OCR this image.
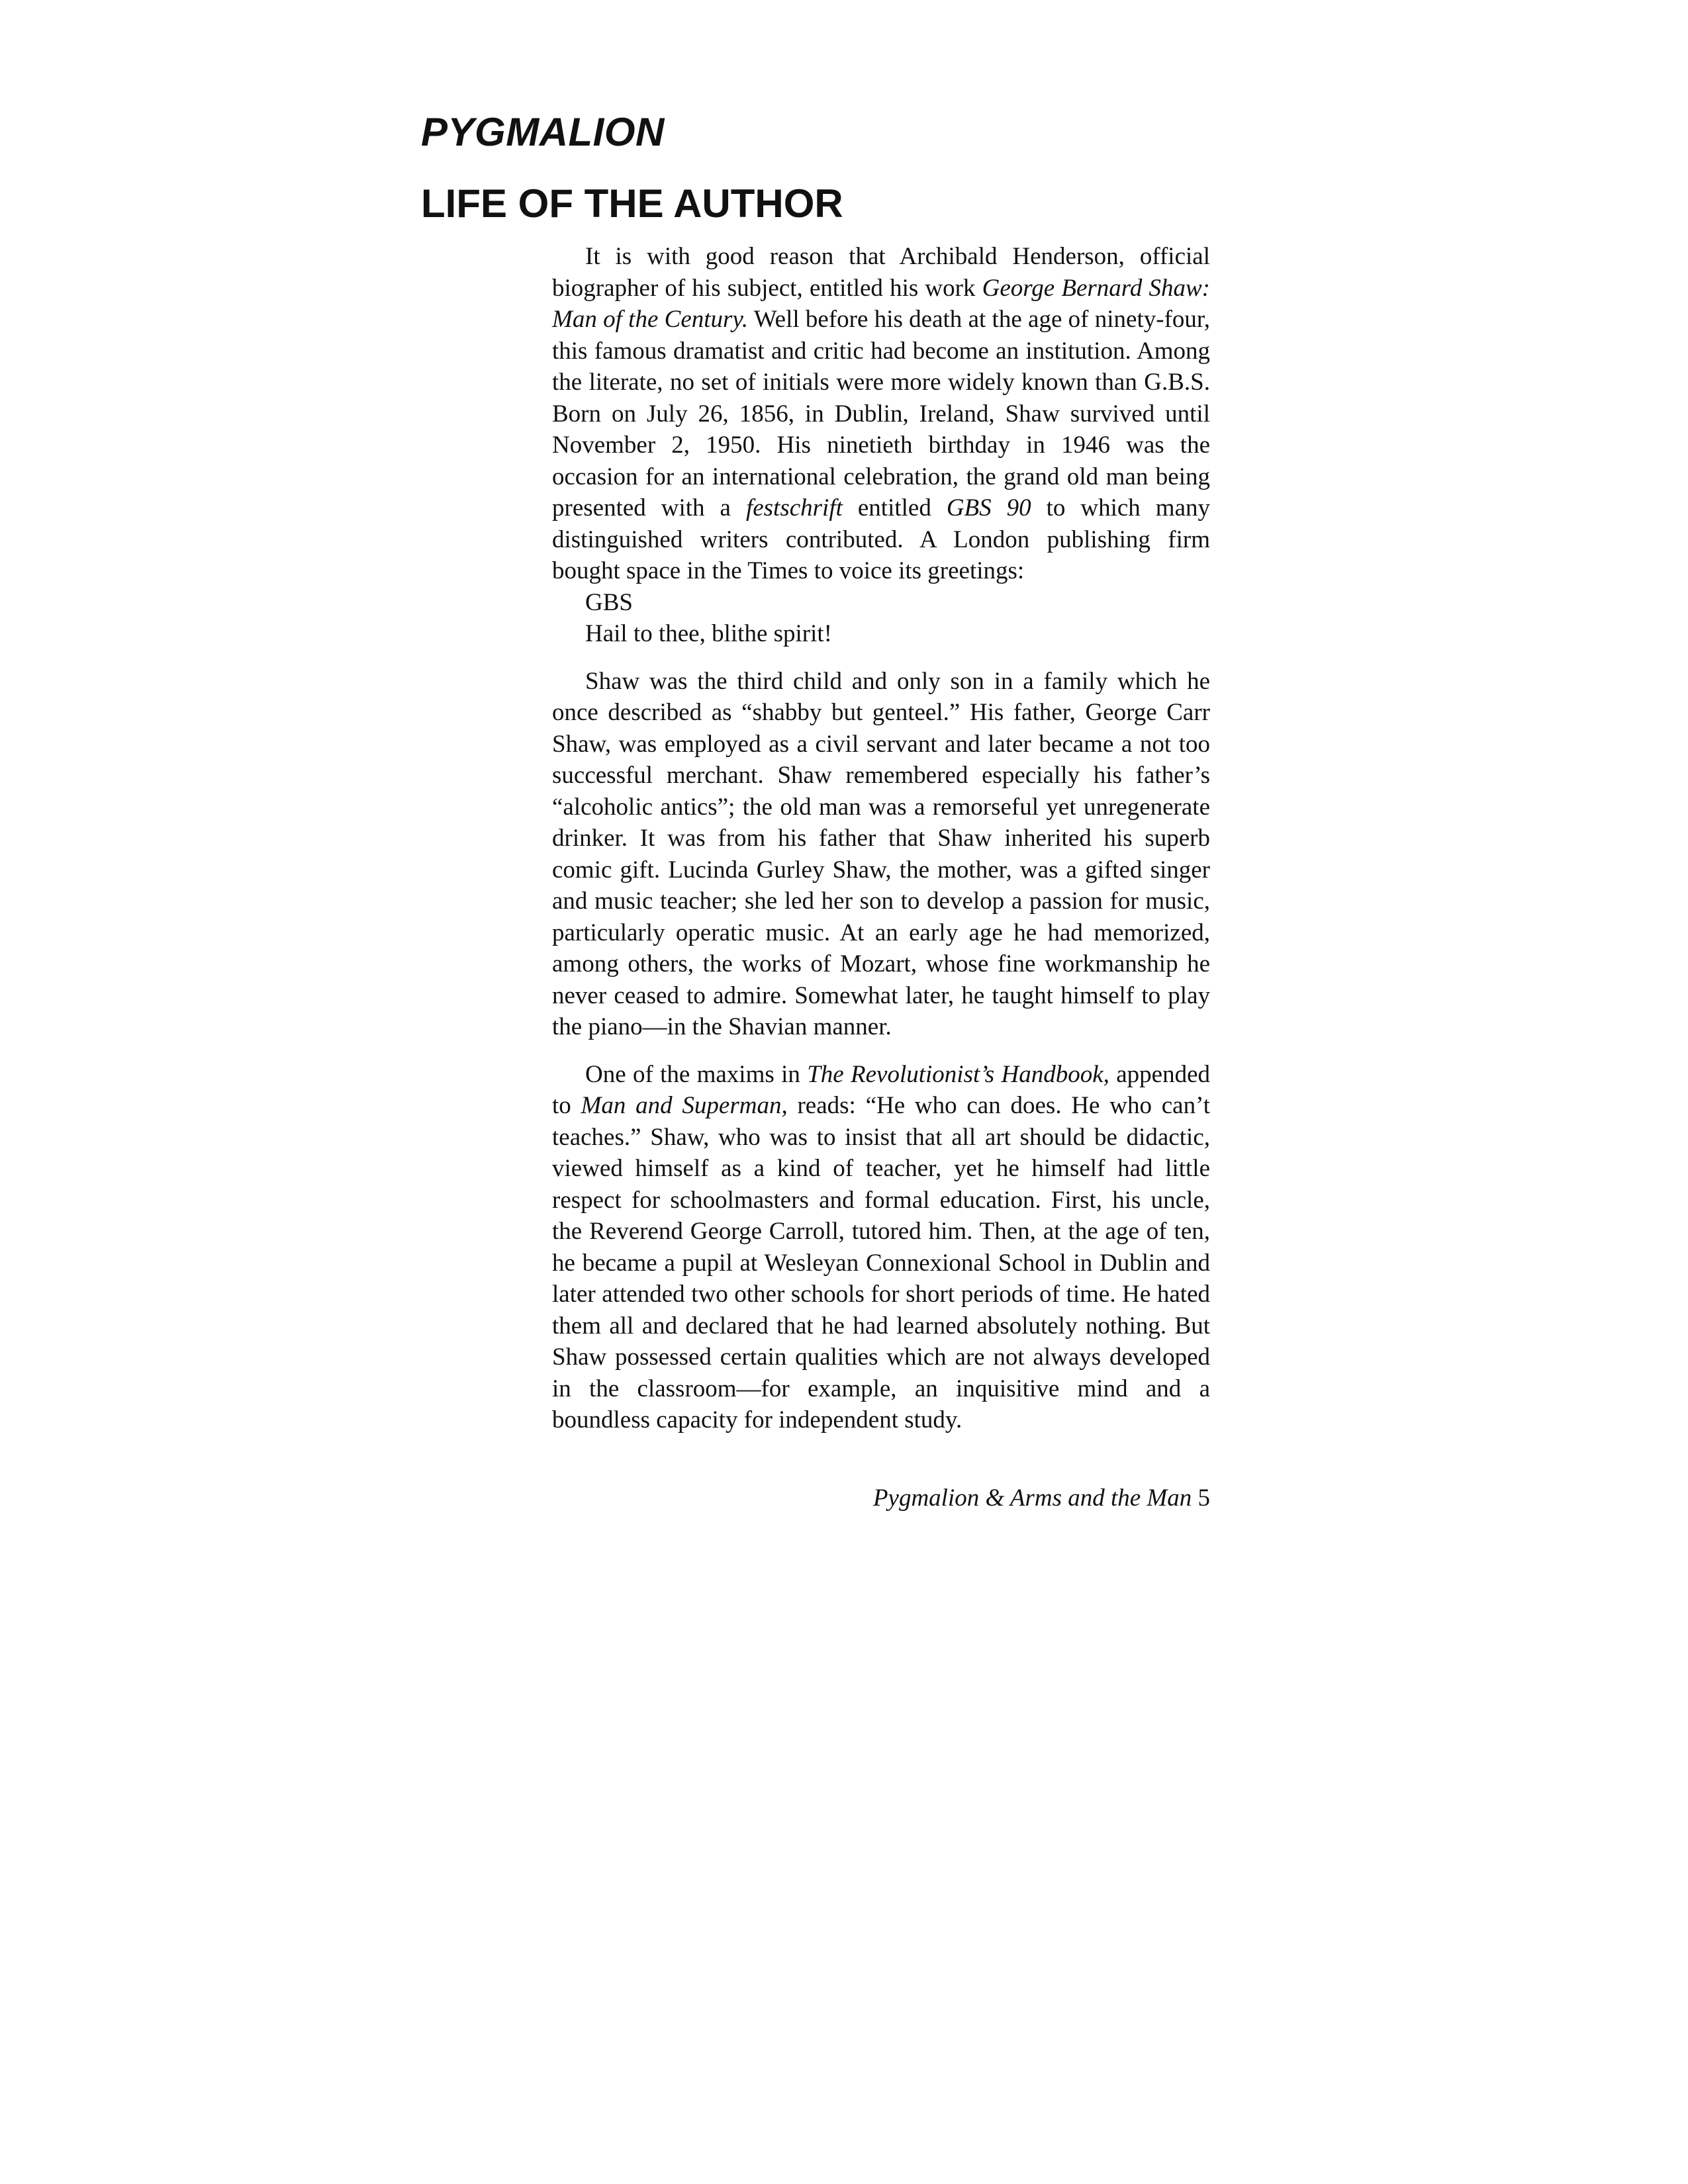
PYGMALION
LIFE OF THE AUTHOR

It is with good reason that Archibald Henderson, official biographer of his subject, entitled his work George Bernard Shaw: Man of the Century. Well before his death at the age of ninety-four, this famous dramatist and critic had become an institution. Among the literate, no set of initials were more widely known than G.B.S. Born on July 26, 1856, in Dublin, Ireland, Shaw survived until November 2, 1950. His ninetieth birthday in 1946 was the occasion for an international celebration, the grand old man being presented with a festschrift entitled GBS 90 to which many distinguished writers contributed. A London publishing firm bought space in the Times to voice its greetings:

GBS

Hail to thee, blithe spirit!

Shaw was the third child and only son in a family which he once described as “shabby but genteel.” His father, George Carr Shaw, was employed as a civil servant and later became a not too successful merchant. Shaw remembered especially his father’s “alcoholic antics”; the old man was a remorseful yet unregenerate drinker. It was from his father that Shaw inherited his superb comic gift. Lucinda Gurley Shaw, the mother, was a gifted singer and music teacher; she led her son to develop a passion for music, particularly operatic music. At an early age he had memorized, among others, the works of Mozart, whose fine workmanship he never ceased to admire. Somewhat later, he taught himself to play the piano—in the Shavian manner.

One of the maxims in The Revolutionist’s Handbook, appended to Man and Superman, reads: “He who can does. He who can’t teaches.” Shaw, who was to insist that all art should be didactic, viewed himself as a kind of teacher, yet he himself had little respect for schoolmasters and formal education. First, his uncle, the Reverend George Carroll, tutored him. Then, at the age of ten, he became a pupil at Wesleyan Connexional School in Dublin and later attended two other schools for short periods of time. He hated them all and declared that he had learned absolutely nothing. But Shaw possessed certain qualities which are not always developed in the classroom—for example, an inquisitive mind and a boundless capacity for independent study.

Pygmalion & Arms and the Man 5
